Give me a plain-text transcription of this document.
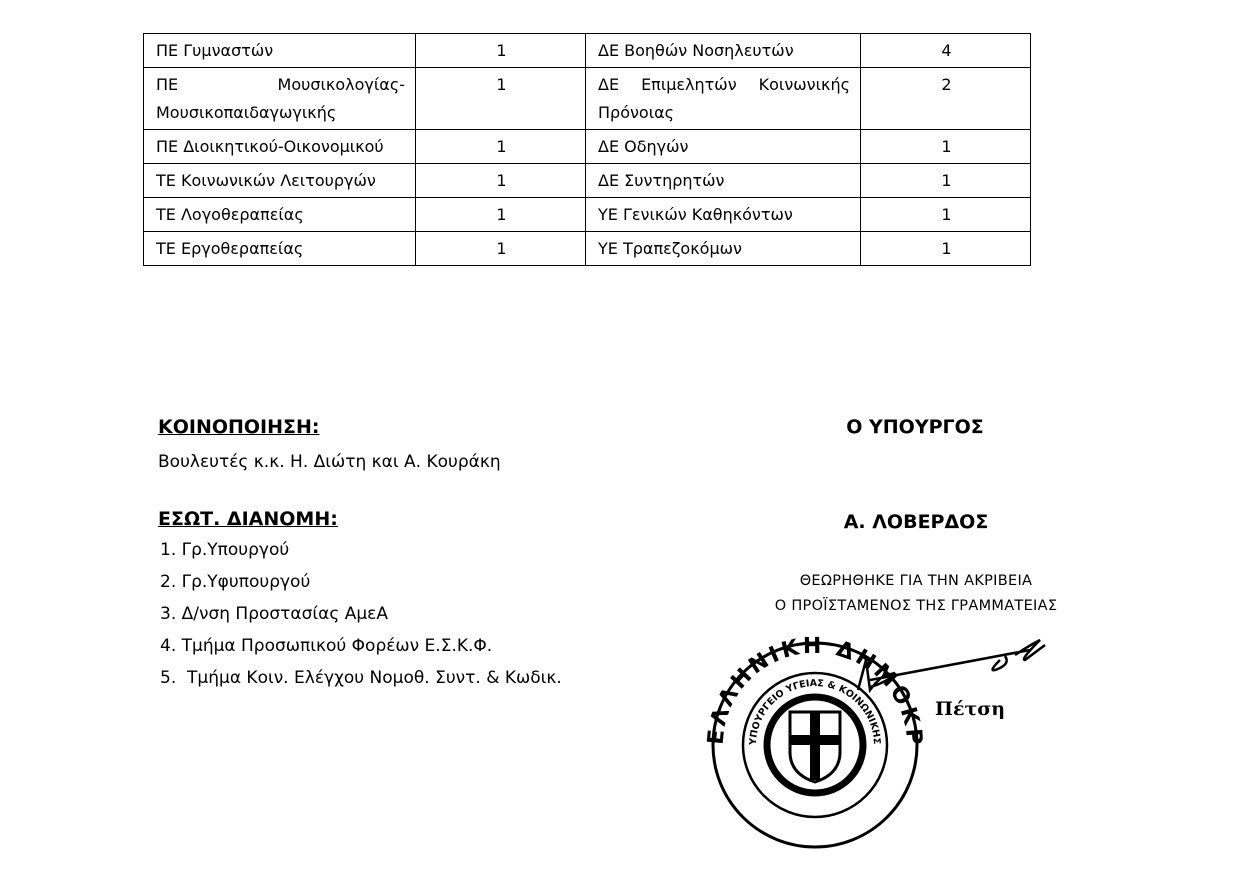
ΠΕ Γυμναστών	1	ΔΕ Βοηθών Νοσηλευτών	4
ΠΕ Μουσικολογίας-Μουσικοπαιδαγωγικής	1	ΔΕ Επιμελητών Κοινωνικής Πρόνοιας	2
ΠΕ Διοικητικού-Οικονομικού	1	ΔΕ Οδηγών	1
ΤΕ Κοινωνικών Λειτουργών	1	ΔΕ Συντηρητών	1
ΤΕ Λογοθεραπείας	1	ΥΕ Γενικών Καθηκόντων	1
ΤΕ Εργοθεραπείας	1	ΥΕ Τραπεζοκόμων	1
ΚΟΙΝΟΠΟΙΗΣΗ:
Βουλευτές κ.κ. Η. Διώτη και Α. Κουράκη
ΕΣΩΤ. ΔΙΑΝΟΜΗ:
1. Γρ.Υπουργού
2. Γρ.Υφυπουργού
3. Δ/νση Προστασίας ΑμεΑ
4. Τμήμα Προσωπικού Φορέων Ε.Σ.Κ.Φ.
5.  Τμήμα Κοιν. Ελέγχου Νομοθ. Συντ. & Κωδικ.
Ο ΥΠΟΥΡΓΟΣ
Α. ΛΟΒΕΡΔΟΣ
ΘΕΩΡΗΘΗΚΕ ΓΙΑ ΤΗΝ ΑΚΡΙΒΕΙΑ
Ο ΠΡΟΪΣΤΑΜΕΝΟΣ ΤΗΣ ΓΡΑΜΜΑΤΕΙΑΣ
ΕΛΛΗΝΙΚΗ ΔΗΜΟΚΡ
ΥΠΟΥΡΓΕΙΟ ΥΓΕΙΑΣ & ΚΟΙΝΩΝΙΚΗΣ
Πέτση
